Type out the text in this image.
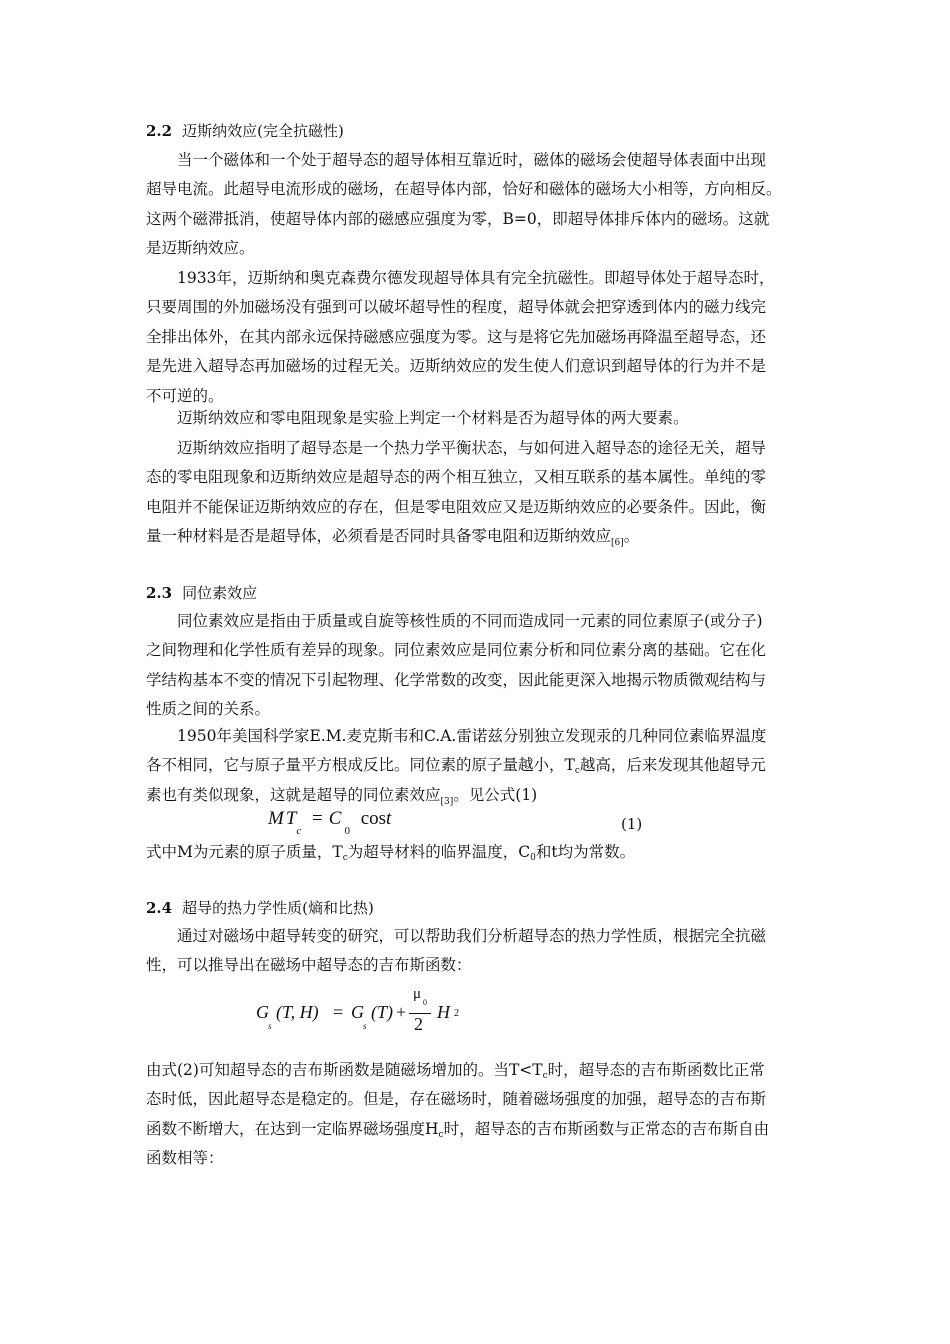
2.2 迈斯纳效应(完全抗磁性)
当一个磁体和一个处于超导态的超导体相互靠近时，磁体的磁场会使超导体表面中出现
超导电流。此超导电流形成的磁场，在超导体内部，恰好和磁体的磁场大小相等，方向相反。
这两个磁滞抵消，使超导体内部的磁感应强度为零，B=0，即超导体排斥体内的磁场。这就
是迈斯纳效应。
1933年，迈斯纳和奥克森费尔德发现超导体具有完全抗磁性。即超导体处于超导态时，
只要周围的外加磁场没有强到可以破坏超导性的程度，超导体就会把穿透到体内的磁力线完
全排出体外，在其内部永远保持磁感应强度为零。这与是将它先加磁场再降温至超导态，还
是先进入超导态再加磁场的过程无关。迈斯纳效应的发生使人们意识到超导体的行为并不是
不可逆的。
迈斯纳效应和零电阻现象是实验上判定一个材料是否为超导体的两大要素。
迈斯纳效应指明了超导态是一个热力学平衡状态，与如何进入超导态的途径无关，超导
态的零电阻现象和迈斯纳效应是超导态的两个相互独立，又相互联系的基本属性。单纯的零
电阻并不能保证迈斯纳效应的存在，但是零电阻效应又是迈斯纳效应的必要条件。因此，衡
量一种材料是否是超导体，必须看是否同时具备零电阻和迈斯纳效应$_{[6]}$。
2.3 同位素效应
同位素效应是指由于质量或自旋等核性质的不同而造成同一元素的同位素原子(或分子)
之间物理和化学性质有差异的现象。同位素效应是同位素分析和同位素分离的基础。它在化
学结构基本不变的情况下引起物理、化学常数的改变，因此能更深入地揭示物质微观结构与
性质之间的关系。
1950年美国科学家E.M.麦克斯韦和C.A.雷诺兹分别独立发现汞的几种同位素临界温度
各不相同，它与原子量平方根成反比。同位素的原子量越小，$T_c$越高，后来发现其他超导元
素也有类似现象，这就是超导的同位素效应$_{[3]}$。见公式(1)
M $T_c = C_0$ cost	(1)
式中M为元素的原子质量，$T_c$为超导材料的临界温度，$C_0$和t均为常数。
2.4 超导的热力学性质(熵和比热)
通过对磁场中超导转变的研究，可以帮助我们分析超导态的热力学性质，根据完全抗磁
性，可以推导出在磁场中超导态的吉布斯函数：
G
s
(T, H) = G
s
(T) +
μ
0
2
H 2
由式(2)可知超导态的吉布斯函数是随磁场增加的。当$T<T_c$时，超导态的吉布斯函数比正常
态时低，因此超导态是稳定的。但是，存在磁场时，随着磁场强度的加强，超导态的吉布斯
函数不断增大，在达到一定临界磁场强度$H_c$时，超导态的吉布斯函数与正常态的吉布斯自由
函数相等：
